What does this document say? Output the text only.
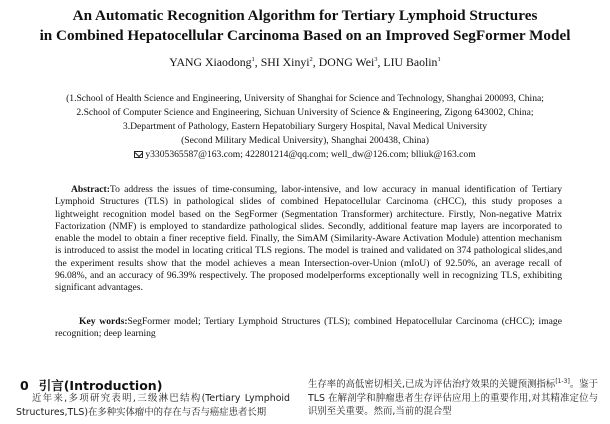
An Automatic Recognition Algorithm for Tertiary Lymphoid Structures
in Combined Hepatocellular Carcinoma Based on an Improved SegFormer Model
YANG Xiaodong$^1$, SHI Xinyi$^2$, DONG Wei$^3$, LIU Baolin$^1$
(1.School of Health Science and Engineering, University of Shanghai for Science and Technology, Shanghai 200093, China;
2.School of Computer Science and Engineering, Sichuan University of Science & Engineering, Zigong 643002, China;
3.Department of Pathology, Eastern Hepatobiliary Surgery Hospital, Naval Medical University
(Second Military Medical University), Shanghai 200438, China)
y3305365587@163.com; 422801214@qq.com; well_dw@126.com; blliuk@163.com

Abstract:To address the issues of time-consuming, labor-intensive, and low accuracy in manual identification of Tertiary Lymphoid Structures (TLS) in pathological slides of combined Hepatocellular Carcinoma (cHCC), this study proposes a lightweight recognition model based on the SegFormer (Segmentation Transformer) architecture. Firstly, Non-negative Matrix Factorization (NMF) is employed to standardize pathological slides. Secondly, additional feature map layers are incorporated to enable the model to obtain a finer receptive field. Finally, the SimAM (Similarity-Aware Activation Module) attention mechanism is introduced to assist the model in locating critical TLS regions. The model is trained and validated on 374 pathological slides,and the experiment results show that the model achieves a mean Intersection-over-Union (mIoU) of 92.50%, an average recall of 96.08%, and an accuracy of 96.39% respectively. The proposed modelperforms exceptionally well in recognizing TLS, exhibiting significant advantages.

Key words:SegFormer model; Tertiary Lymphoid Structures (TLS); combined Hepatocellular Carcinoma (cHCC); image recognition; deep learning

0 引言(Introduction)

近年来,多项研究表明,三级淋巴结构(Tertiary Lymphoid Structures,TLS)在多种实体瘤中的存在与否与癌症患者长期

生存率的高低密切相关,已成为评估治疗效果的关键预测指标[1-3]。鉴于 TLS 在解剖学和肿瘤患者生存评估应用上的重要作用,对其精准定位与识别至关重要。然而,当前的混合型
